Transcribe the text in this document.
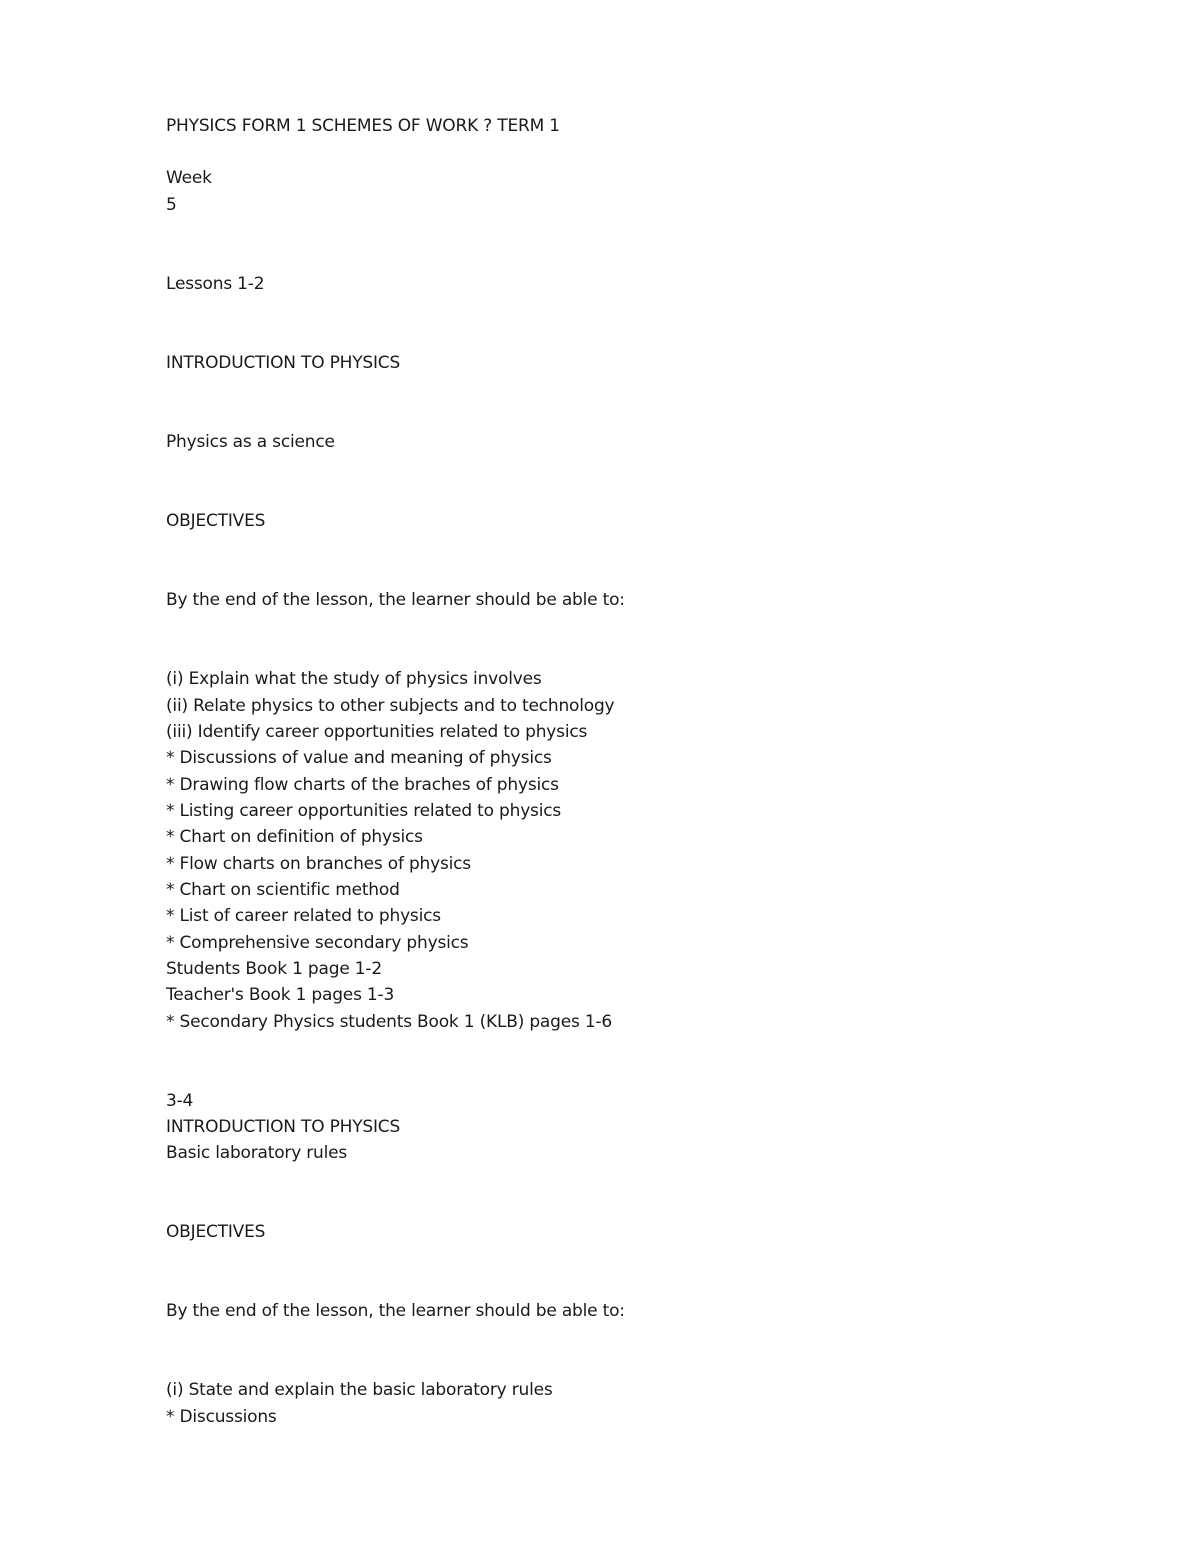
PHYSICS FORM 1 SCHEMES OF WORK ? TERM 1

Week

5

Lessons 1-2

INTRODUCTION TO PHYSICS

Physics as a science

OBJECTIVES

By the end of the lesson, the learner should be able to:

(i) Explain what the study of physics involves

(ii) Relate physics to other subjects and to technology

(iii) Identify career opportunities related to physics

* Discussions of value and meaning of physics

* Drawing flow charts of the braches of physics

* Listing career opportunities related to physics

* Chart on definition of physics

* Flow charts on branches of physics

* Chart on scientific method

* List of career related to physics

* Comprehensive secondary physics

Students Book 1 page 1-2

Teacher's Book 1 pages 1-3

* Secondary Physics students Book 1 (KLB) pages 1-6

3-4

INTRODUCTION TO PHYSICS

Basic laboratory rules

OBJECTIVES

By the end of the lesson, the learner should be able to:

(i) State and explain the basic laboratory rules

* Discussions
